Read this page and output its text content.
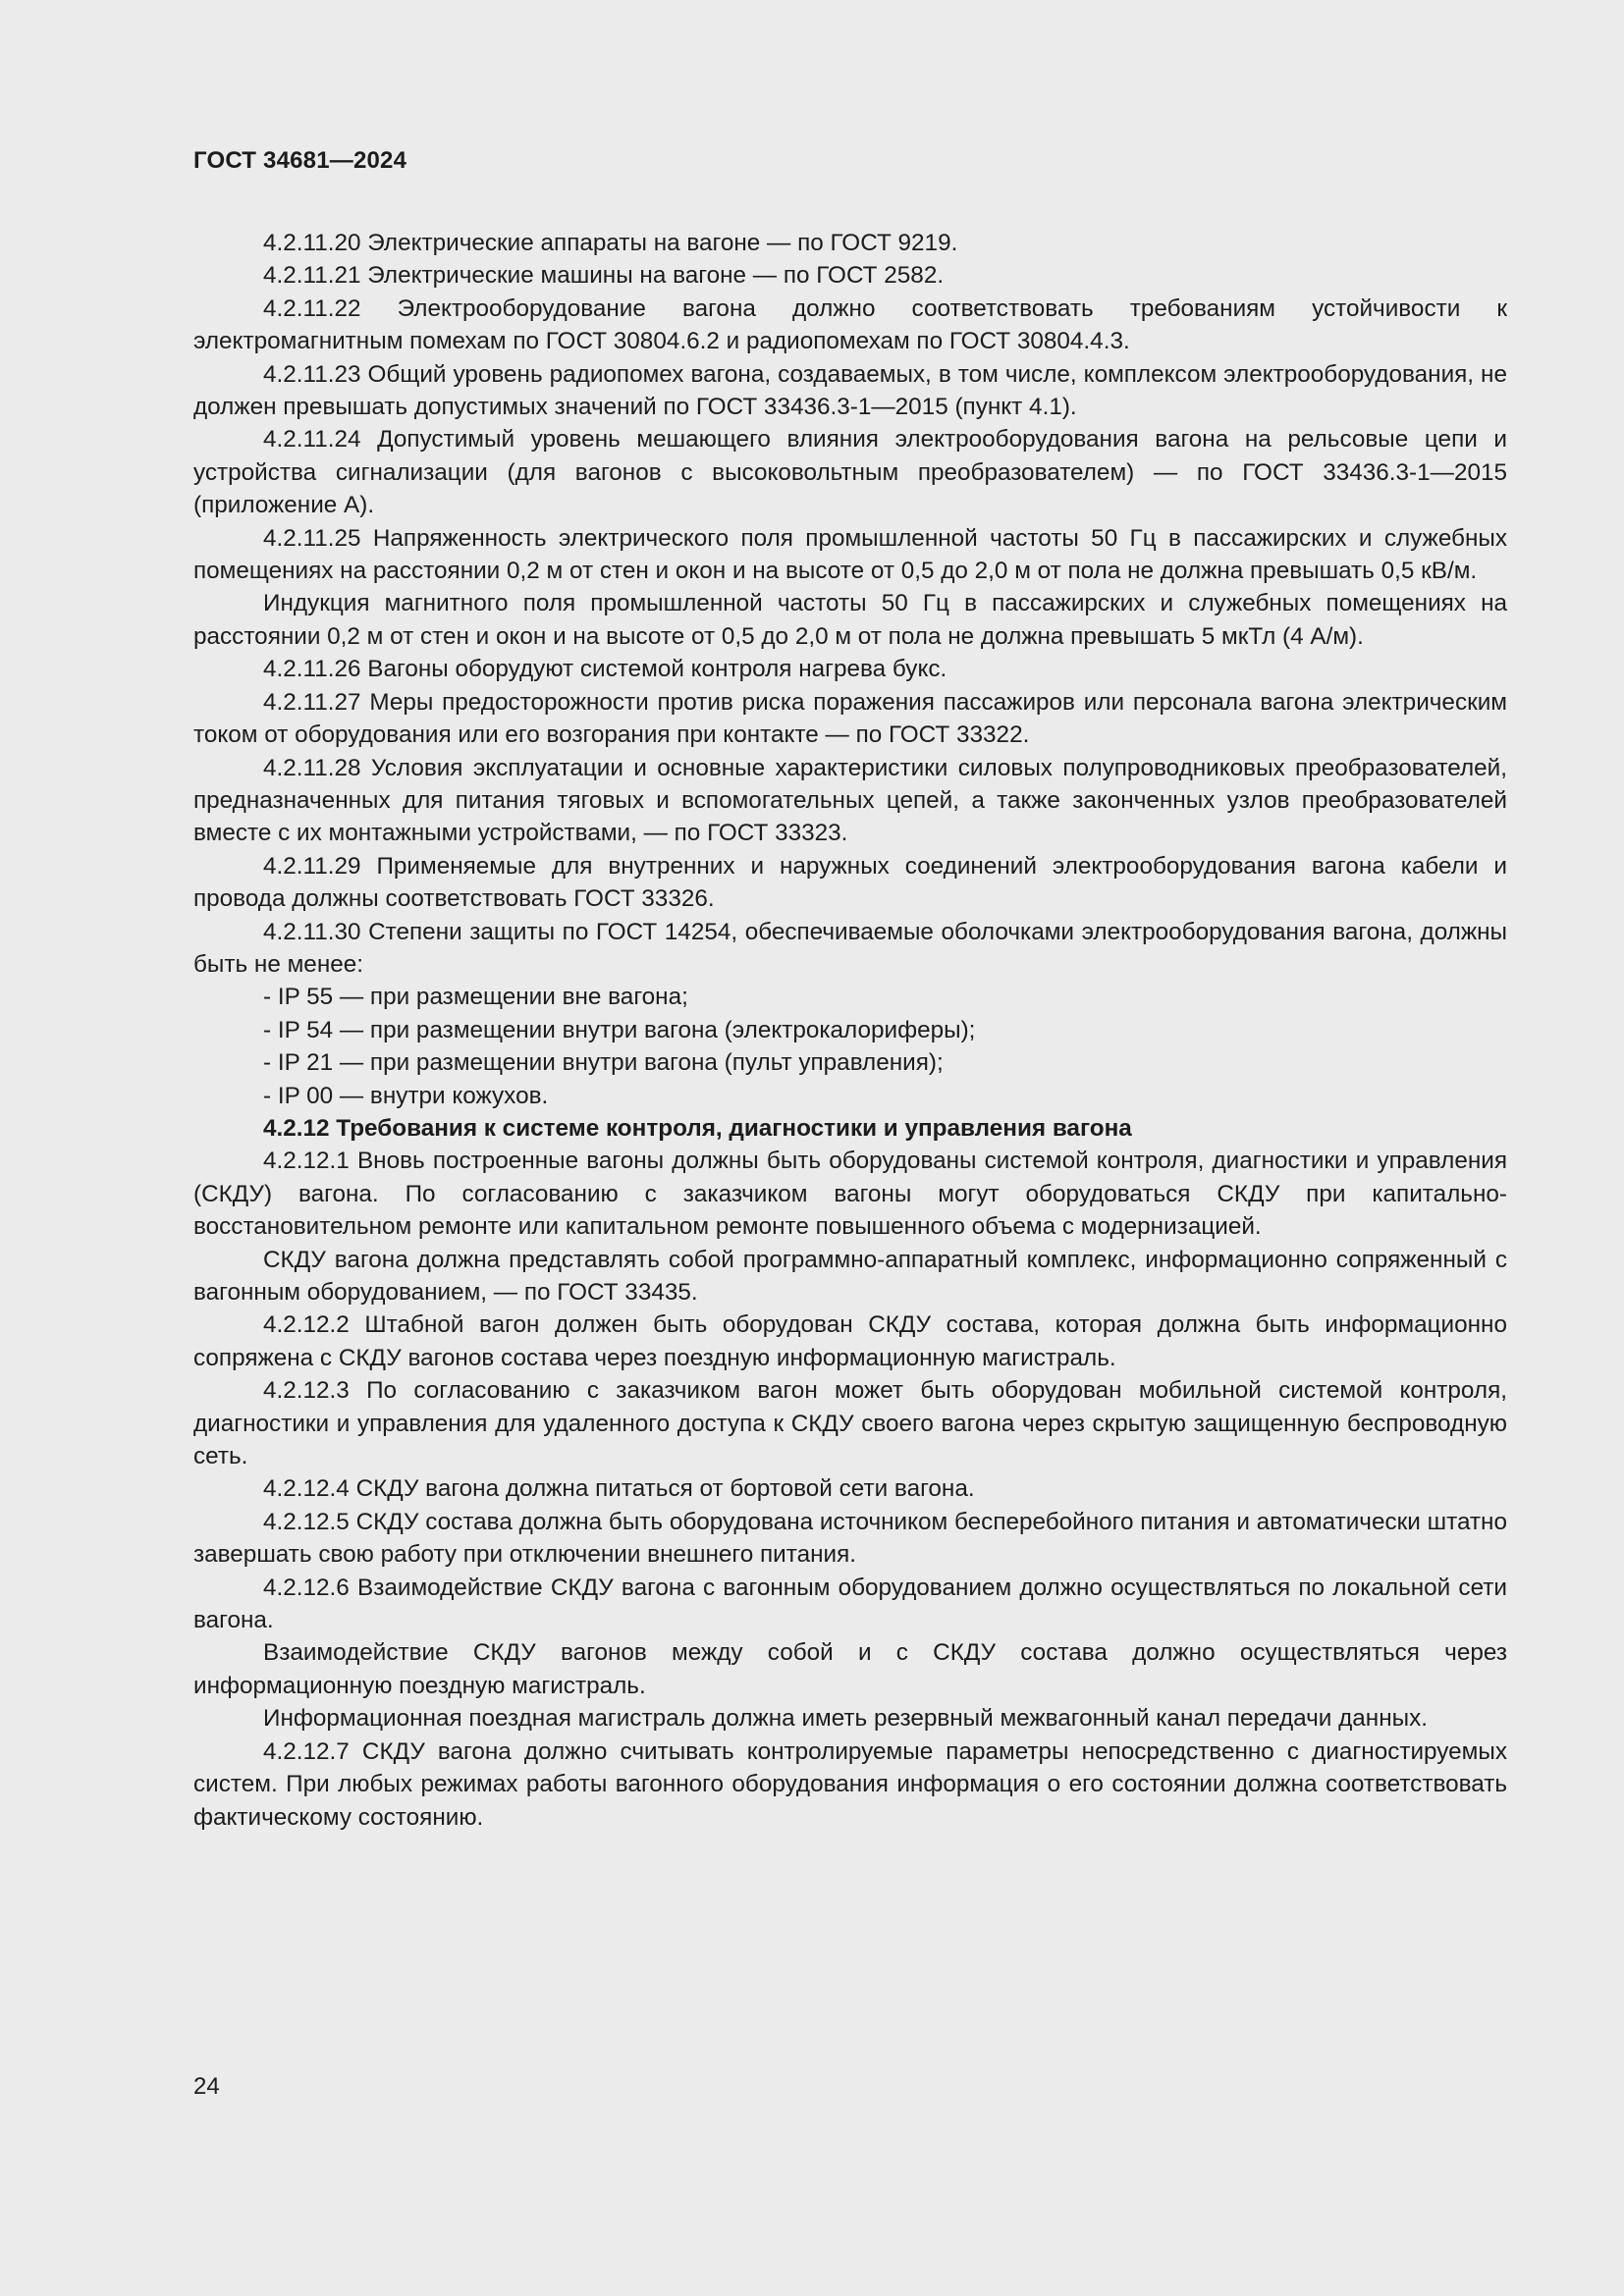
ГОСТ 34681—2024

4.2.11.20 Электрические аппараты на вагоне — по ГОСТ 9219.

4.2.11.21 Электрические машины на вагоне — по ГОСТ 2582.

4.2.11.22 Электрооборудование вагона должно соответствовать требованиям устойчивости к электромагнитным помехам по ГОСТ 30804.6.2 и радиопомехам по ГОСТ 30804.4.3.

4.2.11.23 Общий уровень радиопомех вагона, создаваемых, в том числе, комплексом электрооборудования, не должен превышать допустимых значений по ГОСТ 33436.3-1—2015 (пункт 4.1).

4.2.11.24 Допустимый уровень мешающего влияния электрооборудования вагона на рельсовые цепи и устройства сигнализации (для вагонов с высоковольтным преобразователем) — по ГОСТ 33436.3-1—2015 (приложение А).

4.2.11.25 Напряженность электрического поля промышленной частоты 50 Гц в пассажирских и служебных помещениях на расстоянии 0,2 м от стен и окон и на высоте от 0,5 до 2,0 м от пола не должна превышать 0,5 кВ/м.

Индукция магнитного поля промышленной частоты 50 Гц в пассажирских и служебных помещениях на расстоянии 0,2 м от стен и окон и на высоте от 0,5 до 2,0 м от пола не должна превышать 5 мкТл (4 А/м).

4.2.11.26 Вагоны оборудуют системой контроля нагрева букс.

4.2.11.27 Меры предосторожности против риска поражения пассажиров или персонала вагона электрическим током от оборудования или его возгорания при контакте — по ГОСТ 33322.

4.2.11.28 Условия эксплуатации и основные характеристики силовых полупроводниковых преобразователей, предназначенных для питания тяговых и вспомогательных цепей, а также законченных узлов преобразователей вместе с их монтажными устройствами, — по ГОСТ 33323.

4.2.11.29 Применяемые для внутренних и наружных соединений электрооборудования вагона кабели и провода должны соответствовать ГОСТ 33326.

4.2.11.30 Степени защиты по ГОСТ 14254, обеспечиваемые оболочками электрооборудования вагона, должны быть не менее:

- IP 55 — при размещении вне вагона;

- IP 54 — при размещении внутри вагона (электрокалориферы);

- IP 21 — при размещении внутри вагона (пульт управления);

- IP 00 — внутри кожухов.

4.2.12 Требования к системе контроля, диагностики и управления вагона

4.2.12.1 Вновь построенные вагоны должны быть оборудованы системой контроля, диагностики и управления (СКДУ) вагона. По согласованию с заказчиком вагоны могут оборудоваться СКДУ при капитально-восстановительном ремонте или капитальном ремонте повышенного объема с модернизацией.

СКДУ вагона должна представлять собой программно-аппаратный комплекс, информационно сопряженный с вагонным оборудованием, — по ГОСТ 33435.

4.2.12.2 Штабной вагон должен быть оборудован СКДУ состава, которая должна быть информационно сопряжена с СКДУ вагонов состава через поездную информационную магистраль.

4.2.12.3 По согласованию с заказчиком вагон может быть оборудован мобильной системой контроля, диагностики и управления для удаленного доступа к СКДУ своего вагона через скрытую защищенную беспроводную сеть.

4.2.12.4 СКДУ вагона должна питаться от бортовой сети вагона.

4.2.12.5 СКДУ состава должна быть оборудована источником бесперебойного питания и автоматически штатно завершать свою работу при отключении внешнего питания.

4.2.12.6 Взаимодействие СКДУ вагона с вагонным оборудованием должно осуществляться по локальной сети вагона.

Взаимодействие СКДУ вагонов между собой и с СКДУ состава должно осуществляться через информационную поездную магистраль.

Информационная поездная магистраль должна иметь резервный межвагонный канал передачи данных.

4.2.12.7 СКДУ вагона должно считывать контролируемые параметры непосредственно с диагностируемых систем. При любых режимах работы вагонного оборудования информация о его состоянии должна соответствовать фактическому состоянию.

24
